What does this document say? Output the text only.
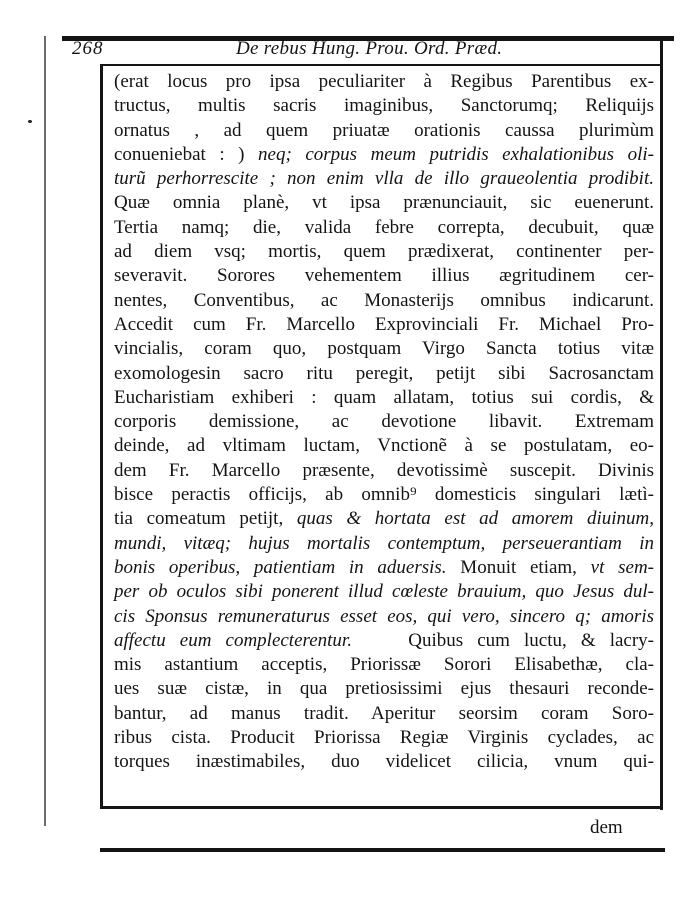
268	De rebus Hung. Prou. Ord. Præd.
(erat locus pro ipsa peculiariter à Regibus Parentibus ex-
tructus, multis sacris imaginibus, Sanctorumq; Reliquijs
ornatus , ad quem priuatæ orationis caussa plurimùm
conueniebat : ) neq; corpus meum putridis exhalationibus oli-
turũ perhorrescite ; non enim vlla de illo graueolentia prodibit.
Quæ omnia planè, vt ipsa prænunciauit, sic euenerunt.
Tertia namq; die, valida febre correpta, decubuit, quæ
ad diem vsq; mortis, quem prædixerat, continenter per-
severavit. Sorores vehementem illius ægritudinem cer-
nentes, Conventibus, ac Monasterijs omnibus indicarunt.
Accedit cum Fr. Marcello Exprovinciali Fr. Michael Pro-
vincialis, coram quo, postquam Virgo Sancta totius vitæ
exomologesin sacro ritu peregit, petijt sibi Sacrosanctam
Eucharistiam exhiberi : quam allatam, totius sui cordis, &
corporis demissione, ac devotione libavit. Extremam
deinde, ad vltimam luctam, Vnctionẽ à se postulatam, eo-
dem Fr. Marcello præsente, devotissimè suscepit. Divinis
bisce peractis officijs, ab omnib⁹ domesticis singulari lætì-
tia comeatum petijt, quas & hortata est ad amorem diuinum,
mundi, vitæq; hujus mortalis contemptum, perseuerantiam in
bonis operibus, patientiam in aduersis. Monuit etiam, vt sem-
per ob oculos sibi ponerent illud cœleste brauium, quo Jesus dul-
cis Sponsus remuneraturus esset eos, qui vero, sincero q; amoris
affectu eum complecterentur.    Quibus cum luctu, & lacry-
mis astantium acceptis, Priorissæ Sorori Elisabethæ, cla-
ues suæ cistæ, in qua pretiosissimi ejus thesauri reconde-
bantur, ad manus tradit. Aperitur seorsim coram Soro-
ribus cista. Producit Priorissa Regiæ Virginis cyclades, ac
torques inæstimabiles, duo videlicet cilicia, vnum qui-
dem
